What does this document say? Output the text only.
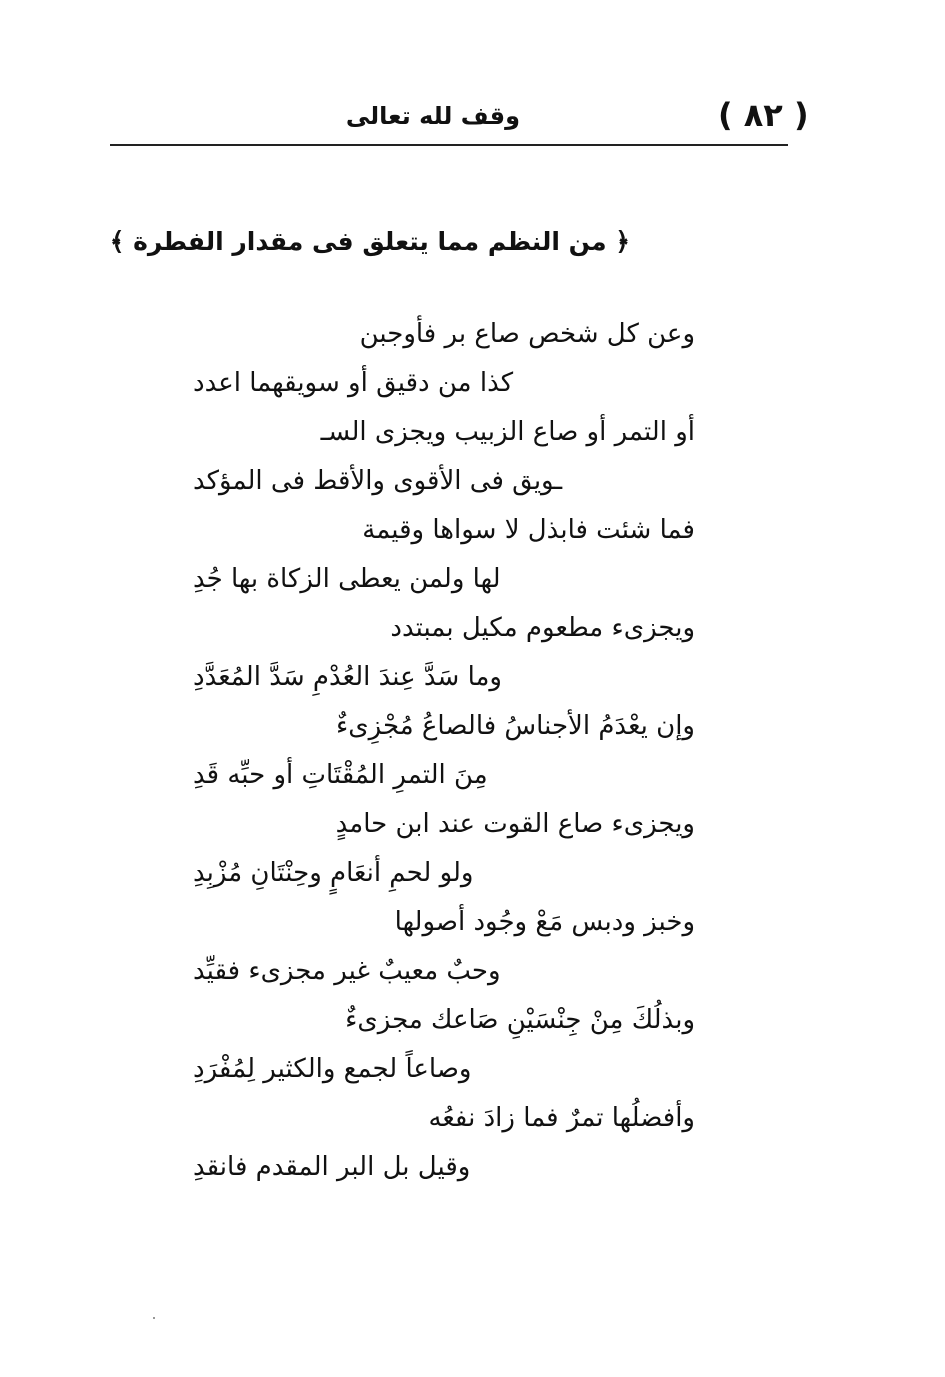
( ٨٢ )
وقف لله تعالى
﴿ من النظم مما يتعلق فى مقدار الفطرة ﴾
وعن كل شخص صاع بر فأوجبن
كذا من دقيق أو سويقهما اعدد
أو التمر أو صاع الزبيب ويجزى السـ
ـويق فى الأقوى والأقط فى المؤكد
فما شئت فابذل لا سواها وقيمة
لها ولمن يعطى الزكاة بها جُدِ
ويجزىء مطعوم مكيل بمبتدد
وما سَدَّ عِندَ العُدْمِ سَدَّ المُعَدَّدِ
وإن يعْدَمُ الأجناسُ فالصاعُ مُجْزِىءٌ
مِنَ التمرِ المُقْتَاتِ أو حبِّه قَدِ
ويجزىء صاع القوت عند ابن حامدٍ
ولو لحمِ أنعَامٍ وحِنْتَانِ مُزْبِدِ
وخبز ودبس مَعْ وجُود أصولها
وحبٌ معيبٌ غير مجزىء فقيِّد
وبذلُكَ مِنْ جِنْسَيْنِ صَاعك مجزىءٌ
وصاعاً لجمع والكثير لِمُفْرَدِ
وأفضلُها تمرٌ فما زادَ نفعُه
وقيل بل البر المقدم فانقدِ
